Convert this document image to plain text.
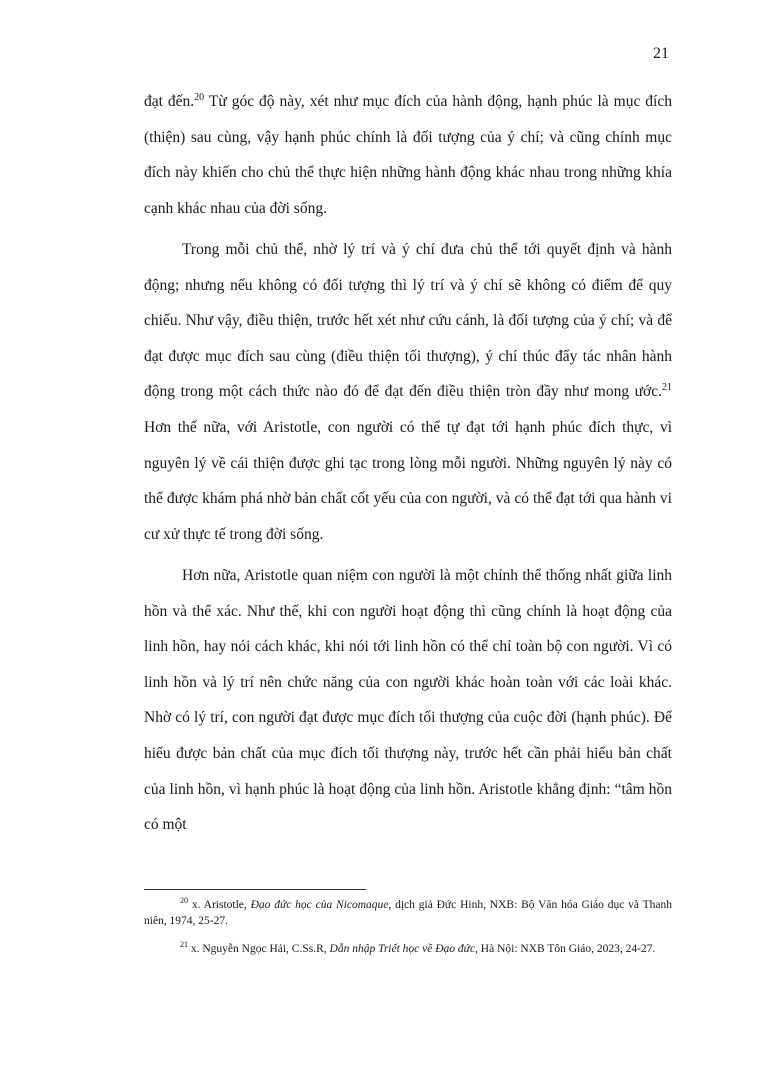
21

đạt đến.$^{20}$ Từ góc độ này, xét như mục đích của hành động, hạnh phúc là mục đích (thiện) sau cùng, vậy hạnh phúc chính là đối tượng của ý chí; và cũng chính mục đích này khiến cho chủ thể thực hiện những hành động khác nhau trong những khía cạnh khác nhau của đời sống.

Trong mỗi chủ thể, nhờ lý trí và ý chí đưa chủ thể tới quyết định và hành động; nhưng nếu không có đối tượng thì lý trí và ý chí sẽ không có điểm để quy chiếu. Như vậy, điều thiện, trước hết xét như cứu cánh, là đối tượng của ý chí; và để đạt được mục đích sau cùng (điều thiện tối thượng), ý chí thúc đẩy tác nhân hành động trong một cách thức nào đó để đạt đến điều thiện tròn đầy như mong ước.$^{21}$ Hơn thế nữa, với Aristotle, con người có thể tự đạt tới hạnh phúc đích thực, vì nguyên lý về cái thiện được ghi tạc trong lòng mỗi người. Những nguyên lý này có thể được khám phá nhờ bản chất cốt yếu của con người, và có thể đạt tới qua hành vi cư xử thực tế trong đời sống.

Hơn nữa, Aristotle quan niệm con người là một chỉnh thể thống nhất giữa linh hồn và thể xác. Như thế, khi con người hoạt động thì cũng chính là hoạt động của linh hồn, hay nói cách khác, khi nói tới linh hồn có thể chỉ toàn bộ con người. Vì có linh hồn và lý trí nên chức năng của con người khác hoàn toàn với các loài khác. Nhờ có lý trí, con người đạt được mục đích tối thượng của cuộc đời (hạnh phúc). Để hiểu được bản chất của mục đích tối thượng này, trước hết cần phải hiểu bản chất của linh hồn, vì hạnh phúc là hoạt động của linh hồn. Aristotle khẳng định: “tâm hồn có một

$^{20}$ x. Aristotle, Đạo đức học của Nicomaque, dịch giả Đức Hinh, NXB: Bộ Văn hóa Giáo dục và Thanh niên, 1974, 25-27.
$^{21}$ x. Nguyễn Ngọc Hải, C.Ss.R, Dẫn nhập Triết học về Đạo đức, Hà Nội: NXB Tôn Giáo, 2023, 24-27.
